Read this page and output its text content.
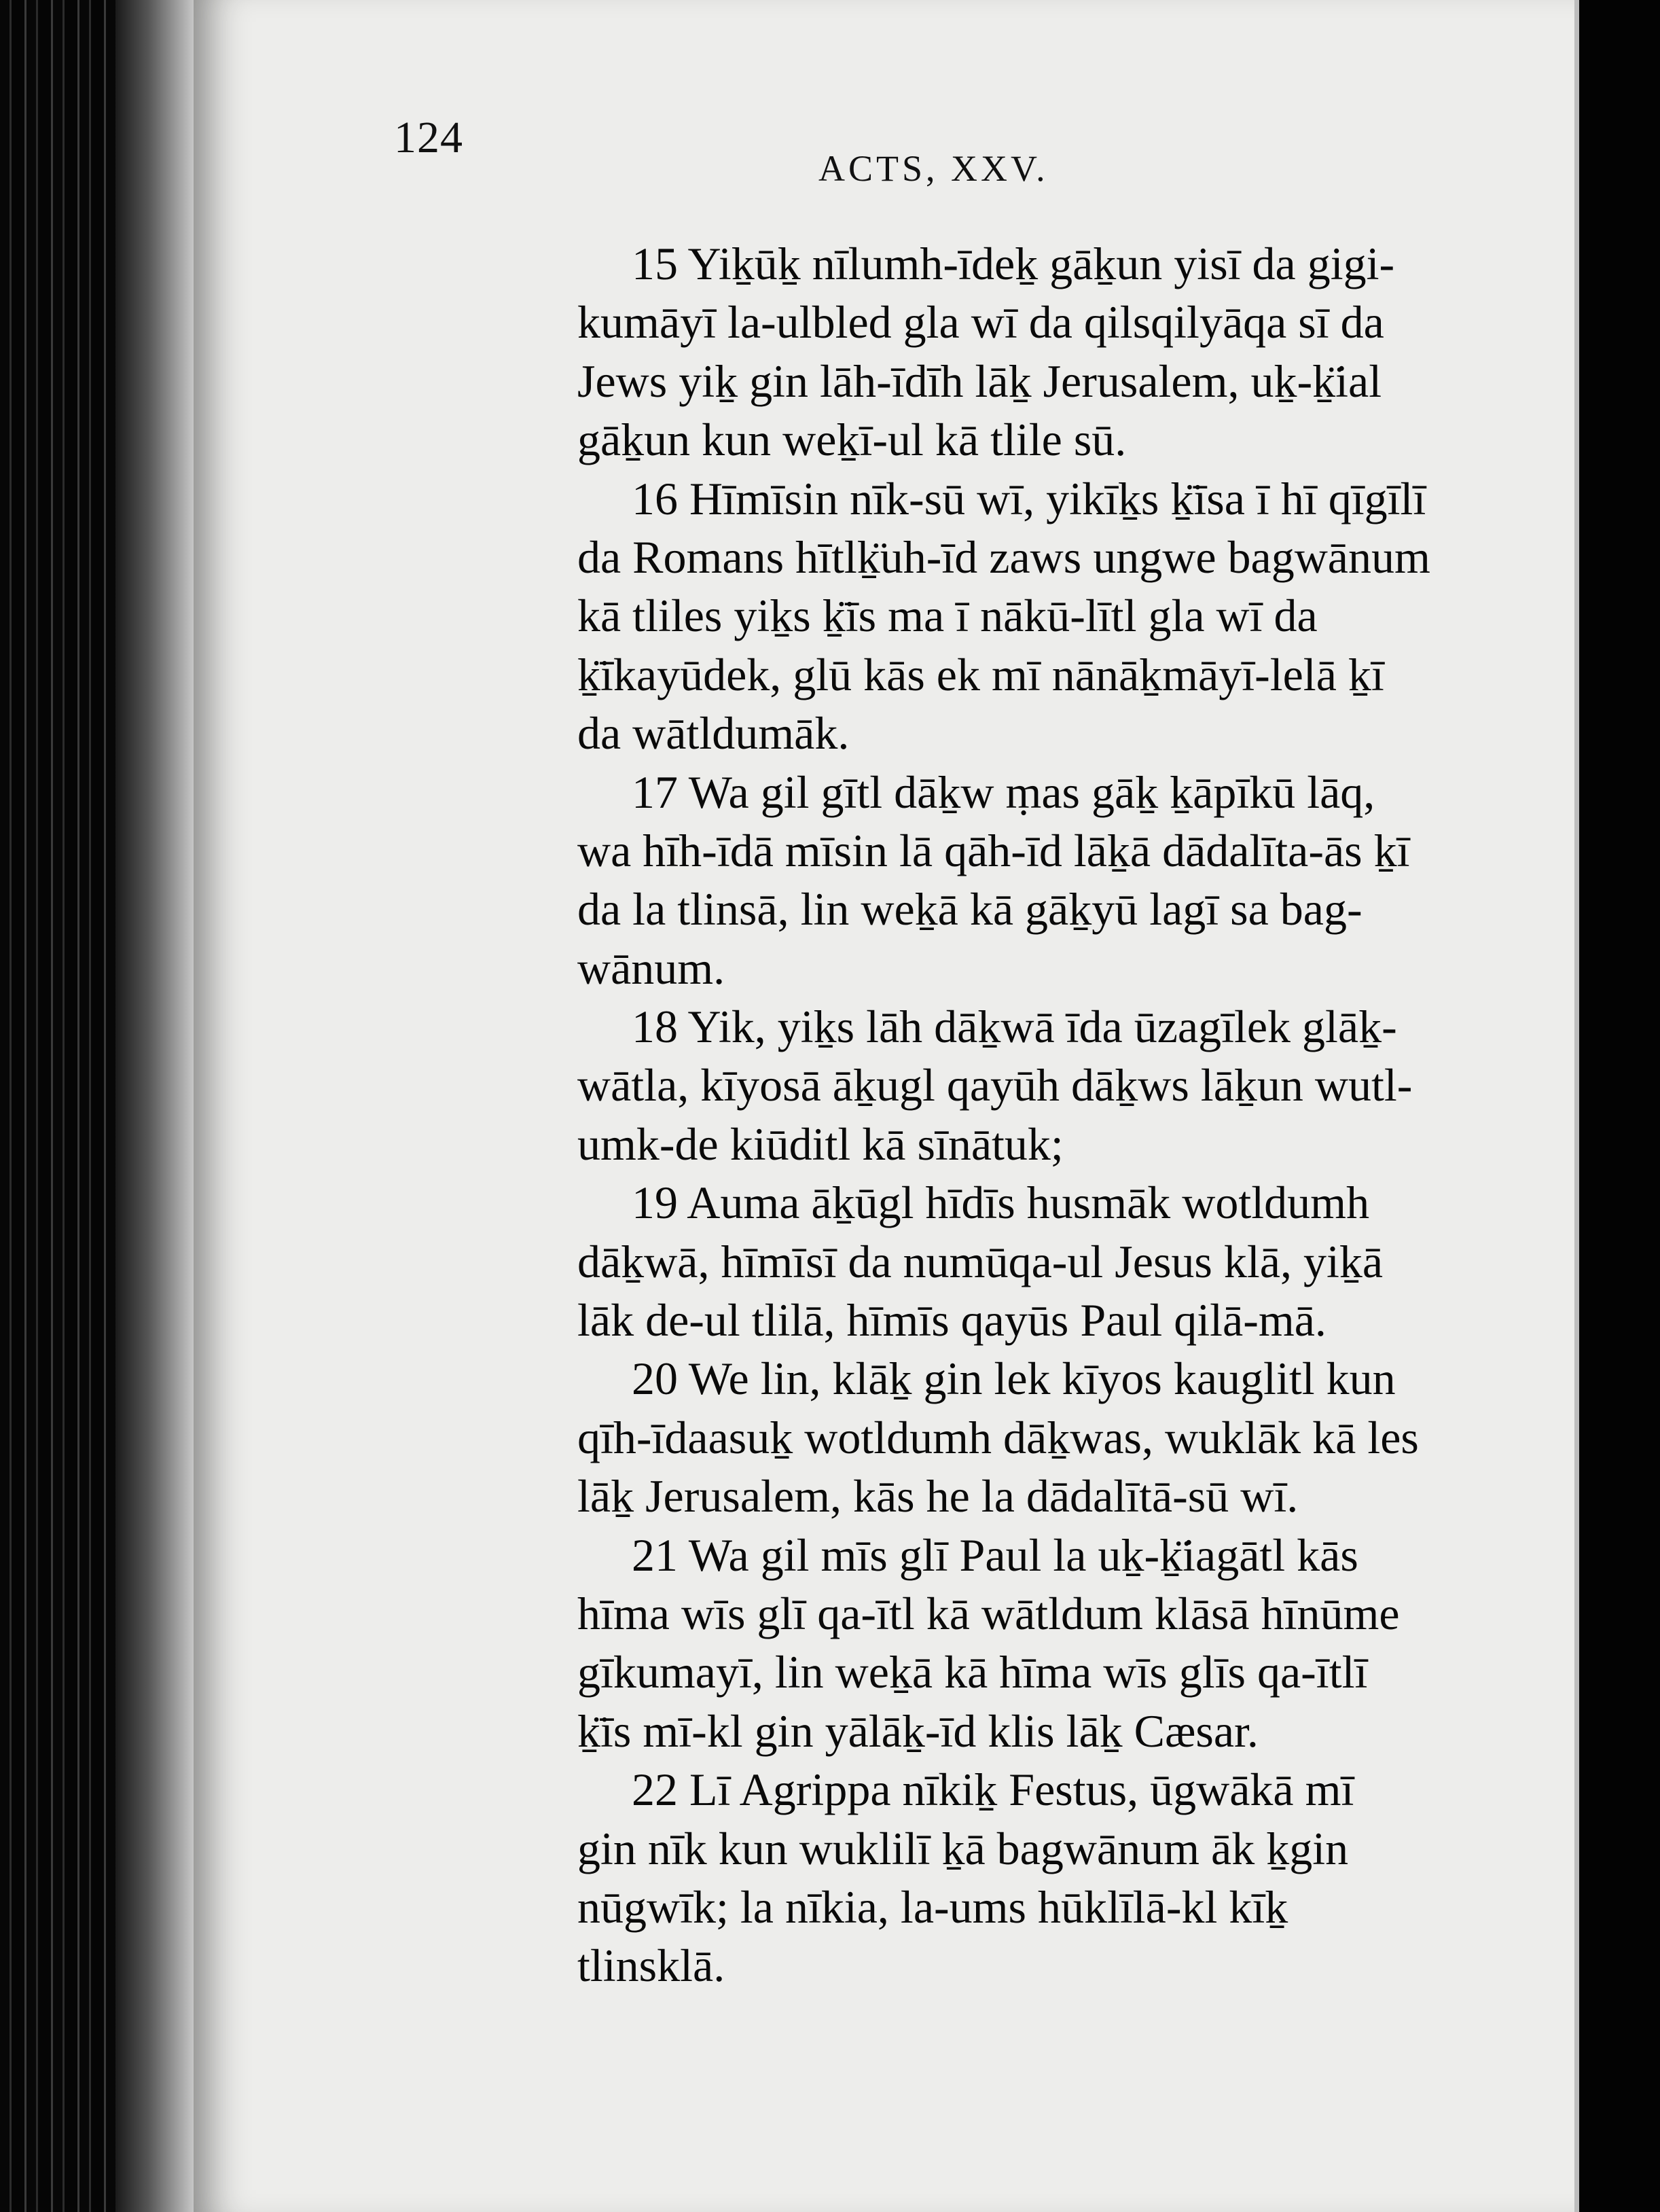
124
ACTS, XXV.
15 Yiḵūḵ nīlumh-īdeḵ gāḵun yisī da gigi-
kumāyī la-ulbled gla wī da qilsqilyāqa sī da
Jews yiḵ gin lāh-īdīh lāḵ Jerusalem, uḵ-ḵ̈ial
gāḵun kun weḵī-ul kā tlile sū.
16 Hīmīsin nīk-sū wī, yikīḵs ḵ̈īsa ī hī qīgīlī
da Romans hītlḵ̈uh-īd zaws ungwe bagwānum
kā tliles yiḵs ḵ̈īs ma ī nākū-lītl gla wī da
ḵ̈īkayūdek, glū kās ek mī nānāḵmāyī-lelā ḵī
da wātldumāk.
17 Wa gil gītl dāḵw ṃas gāḵ ḵāpīkū lāq,
wa hīh-īdā mīsin lā qāh-īd lāḵā dādalīta-ās ḵī
da la tlinsā, lin weḵā kā gāḵyū lagī sa bag-
wānum.
18 Yik, yiḵs lāh dāḵwā īda ūzagīlek glāḵ-
wātla, kīyosā āḵugl qayūh dāḵws lāḵun wutl-
umk-de kiūditl kā sīnātuk;
19 Auma āḵūgl hīdīs husmāk wotldumh
dāḵwā, hīmīsī da numūqa-ul Jesus klā, yiḵā
lāk de-ul tlilā, hīmīs qayūs Paul qilā-mā.
20 We lin, klāḵ gin lek kīyos kauglitl kun
qīh-īdaasuḵ wotldumh dāḵwas, wuklāk kā les
lāḵ Jerusalem, kās he la dādalītā-sū wī.
21 Wa gil mīs glī Paul la uḵ-ḵ̈iagātl kās
hīma wīs glī qa-ītl kā wātldum klāsā hīnūme
gīkumayī, lin weḵā kā hīma wīs glīs qa-ītlī
ḵ̈īs mī-kl gin yālāḵ-īd klis lāḵ Cæsar.
22 Lī Agrippa nīkiḵ Festus, ūgwākā mī
gin nīk kun wuklilī ḵā bagwānum āk ḵgin
nūgwīk; la nīkia, la-ums hūklīlā-kl kīḵ
tlinsklā.
